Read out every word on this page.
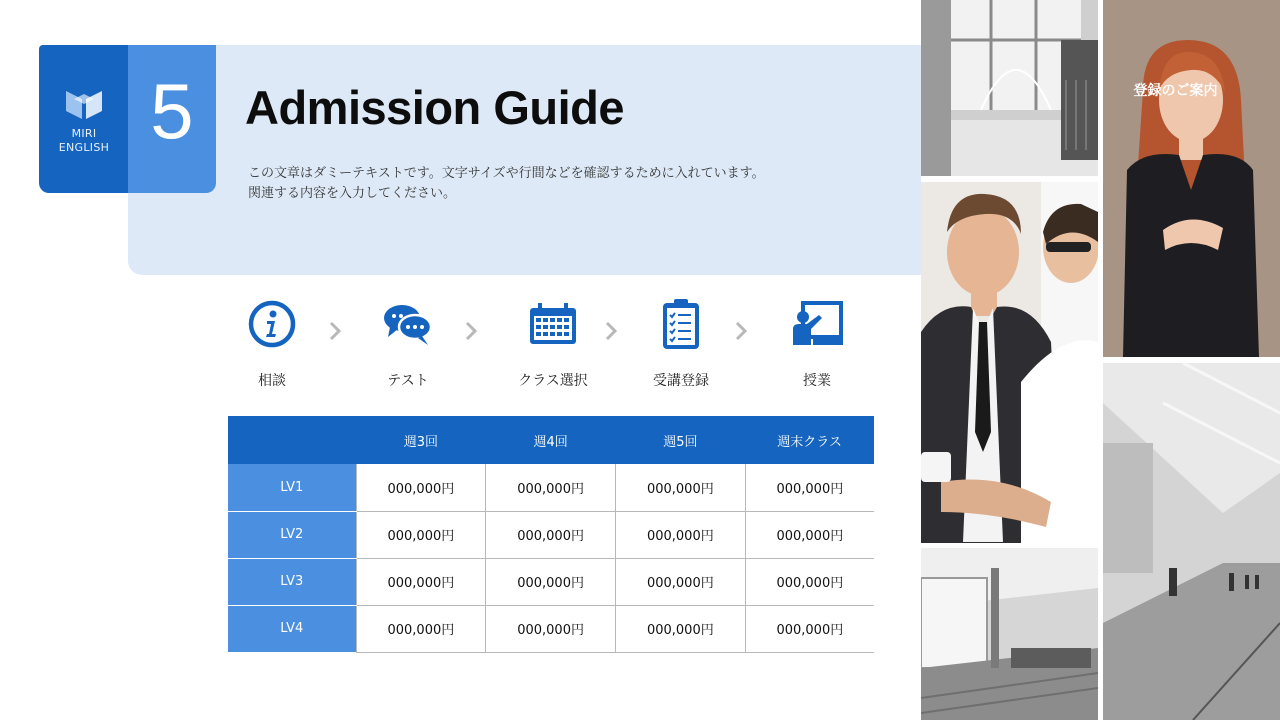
MIRI
ENGLISH 5 Admission Guide
この文章はダミーテキストです。文字サイズや行間などを確認するために入れています。関連する内容を入力してください。
相談	テスト	クラス選択	受講登録	授業
	週3回	週4回	週5回	週末クラス
LV1	000,000円	000,000円	000,000円	000,000円
LV2	000,000円	000,000円	000,000円	000,000円
LV3	000,000円	000,000円	000,000円	000,000円
LV4	000,000円	000,000円	000,000円	000,000円
登録のご案内
